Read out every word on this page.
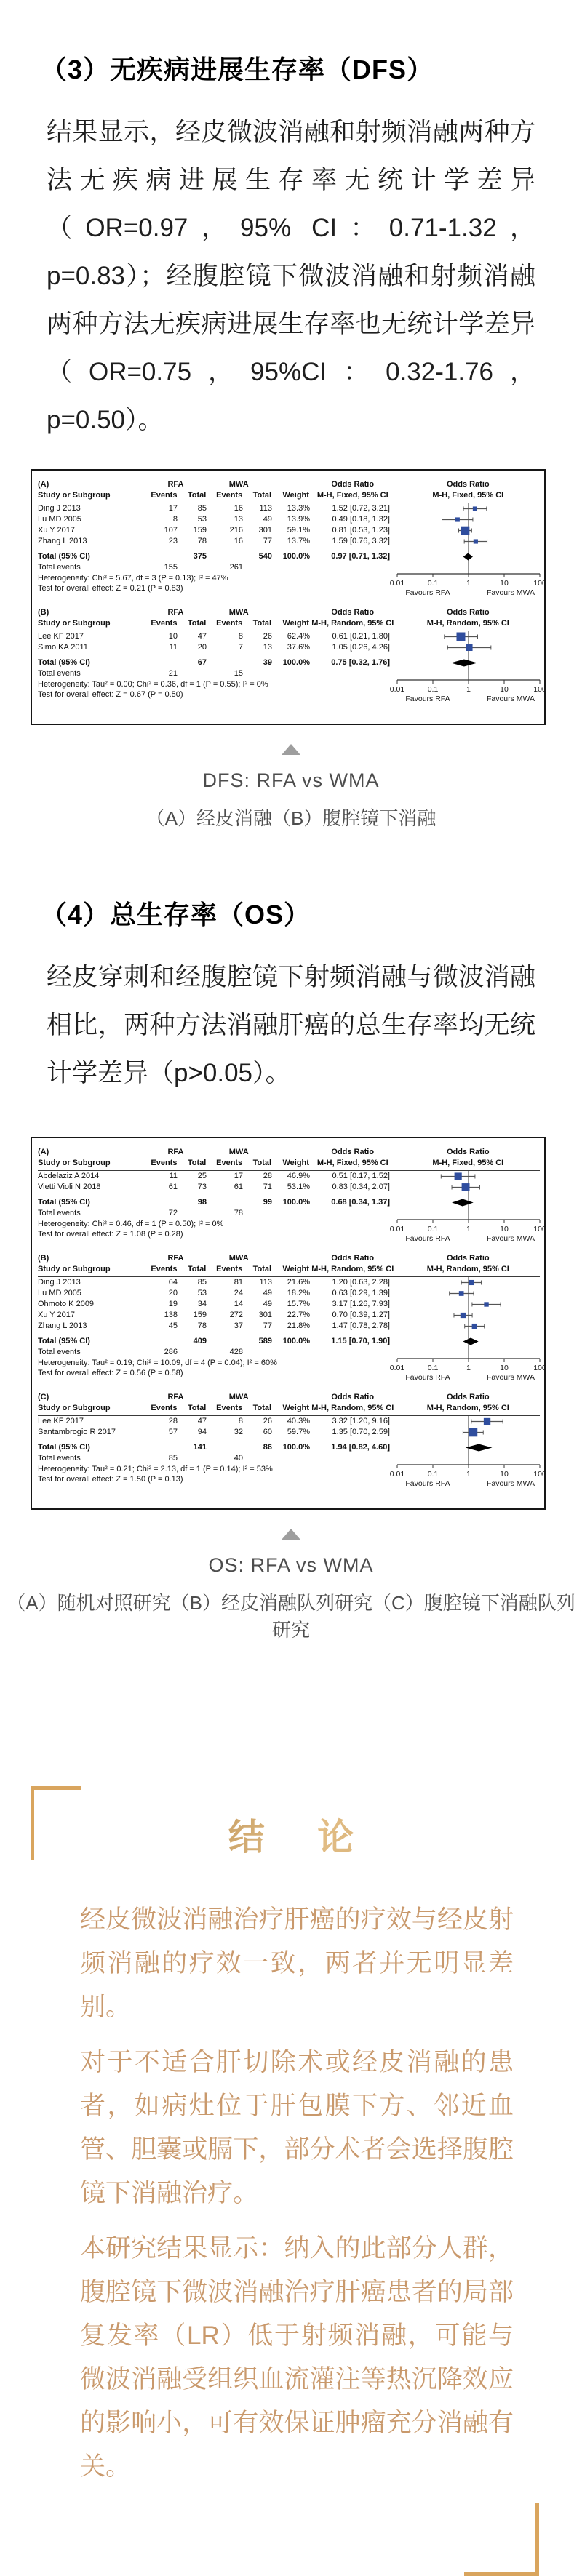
（3）无疾病进展生存率（DFS）

结果显示，经皮微波消融和射频消融两种方法无疾病进展生存率无统计学差异（OR=0.97，95% CI：0.71-1.32，p=0.83）；经腹腔镜下微波消融和射频消融两种方法无疾病进展生存率也无统计学差异（OR=0.75，95%CI：0.32-1.76，p=0.50）。

(A)	RFA	MWA	Odds Ratio	Odds Ratio
Study or Subgroup	Events	Total	Events	Total	Weight M-H, Fixed, 95% CI	M-H, Fixed, 95% CI
Ding J 2013	17	85	16	113	13.3%	1.52 [0.72, 3.21]
Lu MD 2005	8	53	13	49	13.9%	0.49 [0.18, 1.32]
Xu Y 2017	107	159	216	301	59.1%	0.81 [0.53, 1.23]
Zhang L 2013	23	78	16	77	13.7%	1.59 [0.76, 3.32]
Total (95% CI)	375	540	100.0%	0.97 [0.71, 1.32]
Total events	155	261
Heterogeneity: Chi² = 5.67, df = 3 (P = 0.13); I² = 47%
Test for overall effect: Z = 0.21 (P = 0.83)
0.01	0.1	1	10	100
Favours RFA	Favours MWA
(B)	RFA	MWA	Odds Ratio	Odds Ratio
Study or Subgroup	Events	Total	Events	Total	Weight M-H, Random, 95% CI	M-H, Random, 95% CI
Lee KF 2017	10	47	8	26	62.4%	0.61 [0.21, 1.80]
Simo KA 2011	11	20	7	13	37.6%	1.05 [0.26, 4.26]
Total (95% CI)	67	39	100.0%	0.75 [0.32, 1.76]
Total events	21	15
Heterogeneity: Tau² = 0.00; Chi² = 0.36, df = 1 (P = 0.55); I² = 0%
Test for overall effect: Z = 0.67 (P = 0.50)
0.01	0.1	1	10	100
Favours RFA	Favours MWA
DFS: RFA vs WMA
（A）经皮消融（B）腹腔镜下消融
（4）总生存率（OS）

经皮穿刺和经腹腔镜下射频消融与微波消融相比，两种方法消融肝癌的总生存率均无统计学差异（p>0.05）。

(A)	RFA	MWA	Odds Ratio	Odds Ratio
Study or Subgroup	Events	Total	Events	Total	Weight M-H, Fixed, 95% CI	M-H, Fixed, 95% CI
Abdelaziz A 2014	11	25	17	28	46.9%	0.51 [0.17, 1.52]
Vietti Violi N 2018	61	73	61	71	53.1%	0.83 [0.34, 2.07]
Total (95% CI)	98	99	100.0%	0.68 [0.34, 1.37]
Total events	72	78
Heterogeneity: Chi² = 0.46, df = 1 (P = 0.50); I² = 0%
Test for overall effect: Z = 1.08 (P = 0.28)
0.01	0.1	1	10	100
Favours RFA	Favours MWA
(B)	RFA	MWA	Odds Ratio	Odds Ratio
Study or Subgroup	Events	Total	Events	Total	Weight M-H, Random, 95% CI	M-H, Random, 95% CI
Ding J 2013	64	85	81	113	21.6%	1.20 [0.63, 2.28]
Lu MD 2005	20	53	24	49	18.2%	0.63 [0.29, 1.39]
Ohmoto K 2009	19	34	14	49	15.7%	3.17 [1.26, 7.93]
Xu Y 2017	138	159	272	301	22.7%	0.70 [0.39, 1.27]
Zhang L 2013	45	78	37	77	21.8%	1.47 [0.78, 2.78]
Total (95% CI)	409	589	100.0%	1.15 [0.70, 1.90]
Total events	286	428
Heterogeneity: Tau² = 0.19; Chi² = 10.09, df = 4 (P = 0.04); I² = 60%
Test for overall effect: Z = 0.56 (P = 0.58)
0.01	0.1	1	10	100
Favours RFA	Favours MWA
(C)	RFA	MWA	Odds Ratio	Odds Ratio
Study or Subgroup	Events	Total	Events	Total	Weight M-H, Random, 95% CI	M-H, Random, 95% CI
Lee KF 2017	28	47	8	26	40.3%	3.32 [1.20, 9.16]
Santambrogio R 2017	57	94	32	60	59.7%	1.35 [0.70, 2.59]
Total (95% CI)	141	86	100.0%	1.94 [0.82, 4.60]
Total events	85	40
Heterogeneity: Tau² = 0.21; Chi² = 2.13, df = 1 (P = 0.14); I² = 53%
Test for overall effect: Z = 1.50 (P = 0.13)
0.01	0.1	1	10	100
Favours RFA	Favours MWA
OS: RFA vs WMA
（A）随机对照研究（B）经皮消融队列研究（C）腹腔镜下消融队列研究
结 论

经皮微波消融治疗肝癌的疗效与经皮射频消融的疗效一致，两者并无明显差别。

对于不适合肝切除术或经皮消融的患者，如病灶位于肝包膜下方、邻近血管、胆囊或膈下，部分术者会选择腹腔镜下消融治疗。

本研究结果显示：纳入的此部分人群，腹腔镜下微波消融治疗肝癌患者的局部复发率（LR）低于射频消融，可能与微波消融受组织血流灌注等热沉降效应的影响小，可有效保证肿瘤充分消融有关。
